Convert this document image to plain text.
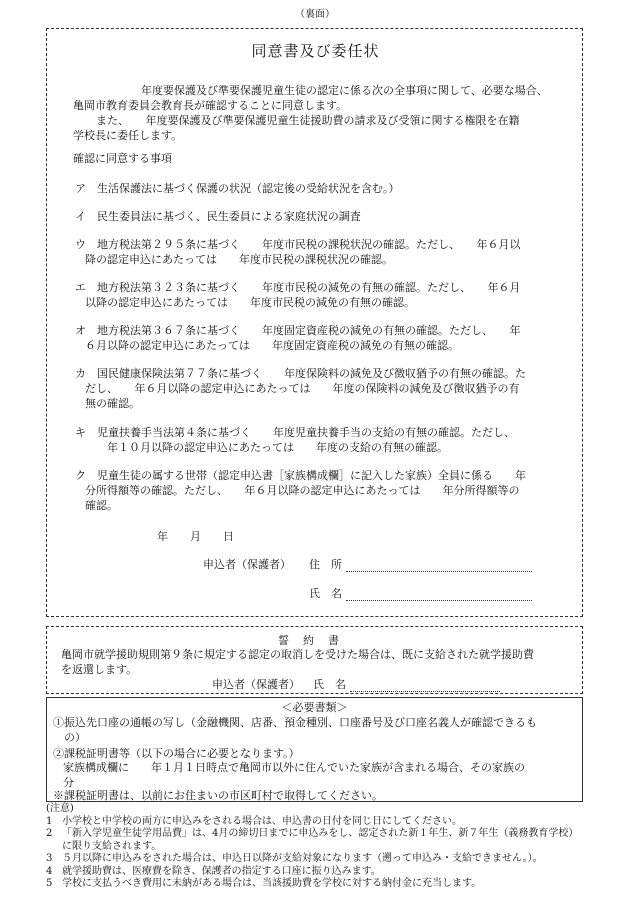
（裏面）
同意書及び委任状
　　年度要保護及び準要保護児童生徒の認定に係る次の全事項に関して、必要な場合、
亀岡市教育委員会教育長が確認することに同意します。
　また、　　年度要保護及び準要保護児童生徒援助費の請求及び受領に関する権限を在籍
学校長に委任します。
確認に同意する事項
ア　生活保護法に基づく保護の状況（認定後の受給状況を含む。）
イ　民生委員法に基づく、民生委員による家庭状況の調査
ウ　地方税法第２９５条に基づく　　年度市民税の課税状況の確認。ただし、　　年６月以
降の認定申込にあたっては　　年度市民税の課税状況の確認。
エ　地方税法第３２３条に基づく　　年度市民税の減免の有無の確認。ただし、　　年６月
以降の認定申込にあたっては　　年度市民税の減免の有無の確認。
オ　地方税法第３６７条に基づく　　年度固定資産税の減免の有無の確認。ただし、　　年
６月以降の認定申込にあたっては　　年度固定資産税の減免の有無の確認。
カ　国民健康保険法第７７条に基づく　　年度保険料の減免及び徴収猶予の有無の確認。た
だし、　　年６月以降の認定申込にあたっては　　年度の保険料の減免及び徴収猶予の有
無の確認。
キ　児童扶養手当法第４条に基づく　　年度児童扶養手当の支給の有無の確認。ただし、
　　年１０月以降の認定申込にあたっては　　年度の支給の有無の確認。
ク　児童生徒の属する世帯（認定申込書［家族構成欄］に記入した家族）全員に係る　　年
分所得額等の確認。ただし、　　年６月以降の認定申込にあたっては　　年分所得額等の
確認。
年　　月　　日
申込者（保護者） 住　所
氏　名
誓約書
亀岡市就学援助規則第９条に規定する認定の取消しを受けた場合は、既に支給された就学援助費
を返還します。
申込者（保護者） 氏　名
＜必要書類＞
①振込先口座の通帳の写し（金融機関、店番、預金種別、口座番号及び口座名義人が確認できるも
の）
②課税証明書等（以下の場合に必要となります。）
家族構成欄に　　年１月１日時点で亀岡市以外に住んでいた家族が含まれる場合、その家族の
分
※課税証明書は、以前にお住まいの市区町村で取得してください。
(注意)
1 小学校と中学校の両方に申込みをされる場合は、申込書の日付を同じ日にしてください。
2 「新入学児童生徒学用品費」は、4月の締切日までに申込みをし、認定された新１年生、新７年生（義務教育学校）に限り支給されます。
3 ５月以降に申込みをされた場合は、申込日以降が支給対象になります（遡って申込み・支給できません。）。
4 就学援助費は、医療費を除き、保護者の指定する口座に振り込みます。
5 学校に支払うべき費用に未納がある場合は、当該援助費を学校に対する納付金に充当します。
